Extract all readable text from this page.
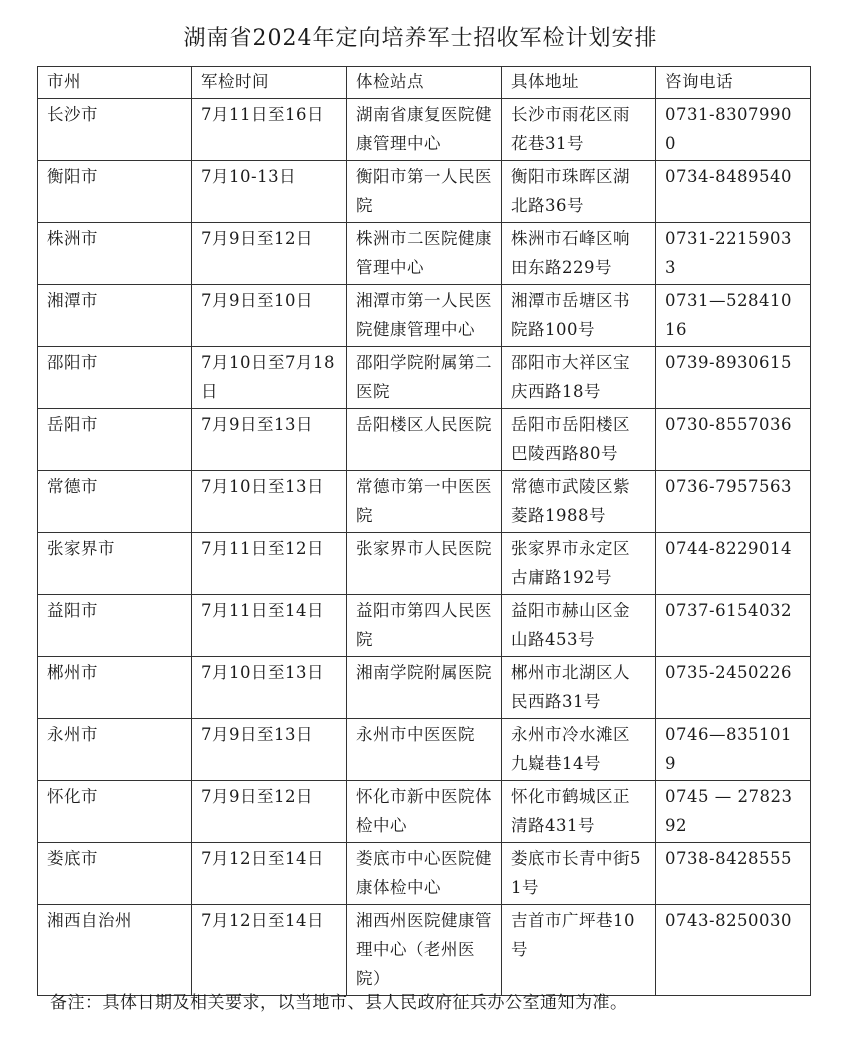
湖南省2024年定向培养军士招收军检计划安排
市州	军检时间	体检站点	具体地址	咨询电话
长沙市	7月11日至16日	湖南省康复医院健康管理中心	长沙市雨花区雨花巷31号	0731-83079900
衡阳市	7月10-13日	衡阳市第一人民医院	衡阳市珠晖区湖北路36号	0734-8489540
株洲市	7月9日至12日	株洲市二医院健康管理中心	株洲市石峰区响田东路229号	0731-22159033
湘潭市	7月9日至10日	湘潭市第一人民医院健康管理中心	湘潭市岳塘区书院路100号	0731—52841016
邵阳市	7月10日至7月18日	邵阳学院附属第二医院	邵阳市大祥区宝庆西路18号	0739-8930615
岳阳市	7月9日至13日	岳阳楼区人民医院	岳阳市岳阳楼区巴陵西路80号	0730-8557036
常德市	7月10日至13日	常德市第一中医医院	常德市武陵区紫菱路1988号	0736-7957563
张家界市	7月11日至12日	张家界市人民医院	张家界市永定区古庸路192号	0744-8229014
益阳市	7月11日至14日	益阳市第四人民医院	益阳市赫山区金山路453号	0737-6154032
郴州市	7月10日至13日	湘南学院附属医院	郴州市北湖区人民西路31号	0735-2450226
永州市	7月9日至13日	永州市中医医院	永州市冷水滩区九嶷巷14号	0746—8351019
怀化市	7月9日至12日	怀化市新中医院体检中心	怀化市鹤城区正清路431号	0745 — 2782392
娄底市	7月12日至14日	娄底市中心医院健康体检中心	娄底市长青中街51号	0738-8428555
湘西自治州	7月12日至14日	湘西州医院健康管理中心（老州医院）	吉首市广坪巷10号	0743-8250030
备注：具体日期及相关要求，以当地市、县人民政府征兵办公室通知为准。
